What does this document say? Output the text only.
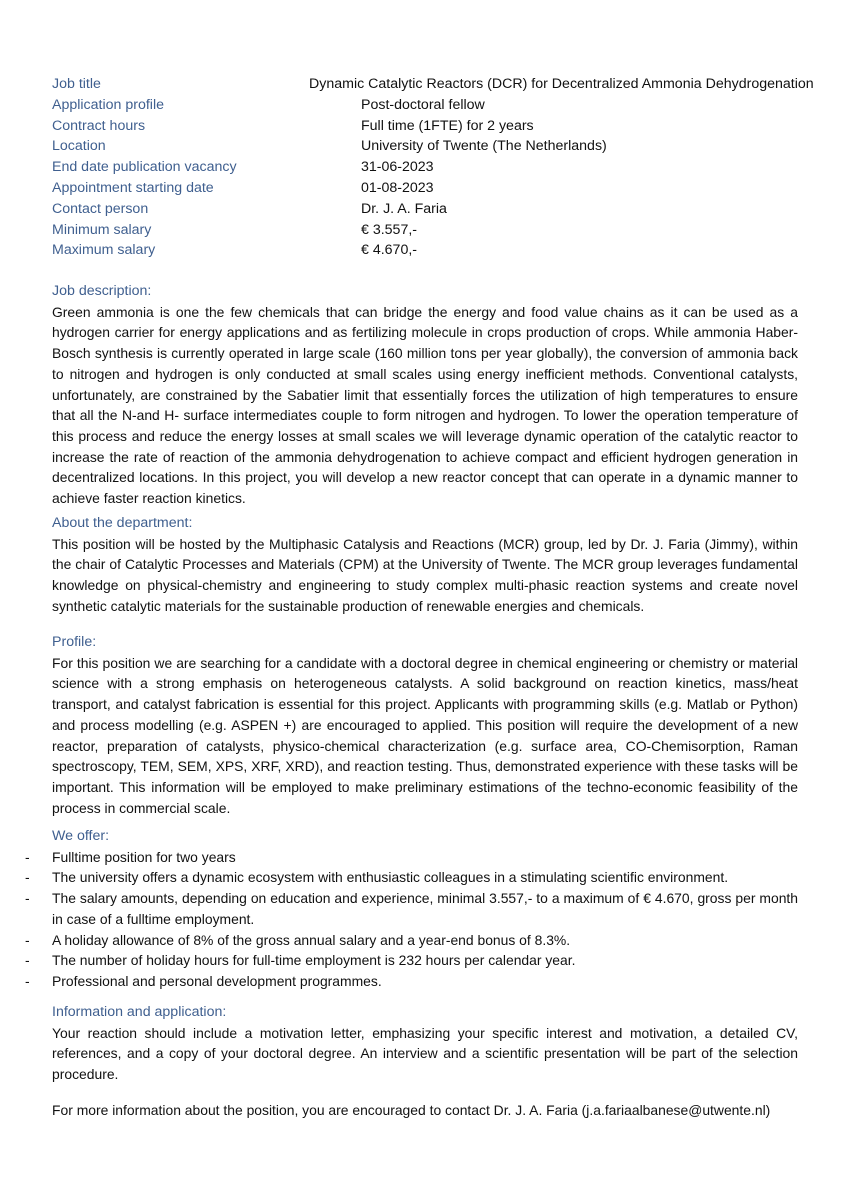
Job title	Dynamic Catalytic Reactors (DCR) for Decentralized Ammonia Dehydrogenation
Application profile	Post-doctoral fellow
Contract hours	Full time (1FTE) for 2 years
Location	University of Twente (The Netherlands)
End date publication vacancy	31-06-2023
Appointment starting date	01-08-2023
Contact person	Dr. J. A. Faria
Minimum salary	€ 3.557,-
Maximum salary	€ 4.670,-
Job description:

Green ammonia is one the few chemicals that can bridge the energy and food value chains as it can be used as a hydrogen carrier for energy applications and as fertilizing molecule in crops production of crops. While ammonia Haber-Bosch synthesis is currently operated in large scale (160 million tons per year globally), the conversion of ammonia back to nitrogen and hydrogen is only conducted at small scales using energy inefficient methods. Conventional catalysts, unfortunately, are constrained by the Sabatier limit that essentially forces the utilization of high temperatures to ensure that all the N-and H- surface intermediates couple to form nitrogen and hydrogen. To lower the operation temperature of this process and reduce the energy losses at small scales we will leverage dynamic operation of the catalytic reactor to increase the rate of reaction of the ammonia dehydrogenation to achieve compact and efficient hydrogen generation in decentralized locations. In this project, you will develop a new reactor concept that can operate in a dynamic manner to achieve faster reaction kinetics.

About the department:

This position will be hosted by the Multiphasic Catalysis and Reactions (MCR) group, led by Dr. J. Faria (Jimmy), within the chair of Catalytic Processes and Materials (CPM) at the University of Twente. The MCR group leverages fundamental knowledge on physical-chemistry and engineering to study complex multi-phasic reaction systems and create novel synthetic catalytic materials for the sustainable production of renewable energies and chemicals.

Profile:

For this position we are searching for a candidate with a doctoral degree in chemical engineering or chemistry or material science with a strong emphasis on heterogeneous catalysts. A solid background on reaction kinetics, mass/heat transport, and catalyst fabrication is essential for this project. Applicants with programming skills (e.g. Matlab or Python) and process modelling (e.g. ASPEN +) are encouraged to applied. This position will require the development of a new reactor, preparation of catalysts, physico-chemical characterization (e.g. surface area, CO-Chemisorption, Raman spectroscopy, TEM, SEM, XPS, XRF, XRD), and reaction testing. Thus, demonstrated experience with these tasks will be important. This information will be employed to make preliminary estimations of the techno-economic feasibility of the process in commercial scale.

We offer:
-	Fulltime position for two years
-	The university offers a dynamic ecosystem with enthusiastic colleagues in a stimulating scientific environment.
-	The salary amounts, depending on education and experience, minimal 3.557,- to a maximum of € 4.670, gross per month in case of a fulltime employment.
-	A holiday allowance of 8% of the gross annual salary and a year-end bonus of 8.3%.
-	The number of holiday hours for full-time employment is 232 hours per calendar year.
-	Professional and personal development programmes.
Information and application:

Your reaction should include a motivation letter, emphasizing your specific interest and motivation, a detailed CV, references, and a copy of your doctoral degree. An interview and a scientific presentation will be part of the selection procedure.

For more information about the position, you are encouraged to contact Dr. J. A. Faria (j.a.fariaalbanese@utwente.nl)
